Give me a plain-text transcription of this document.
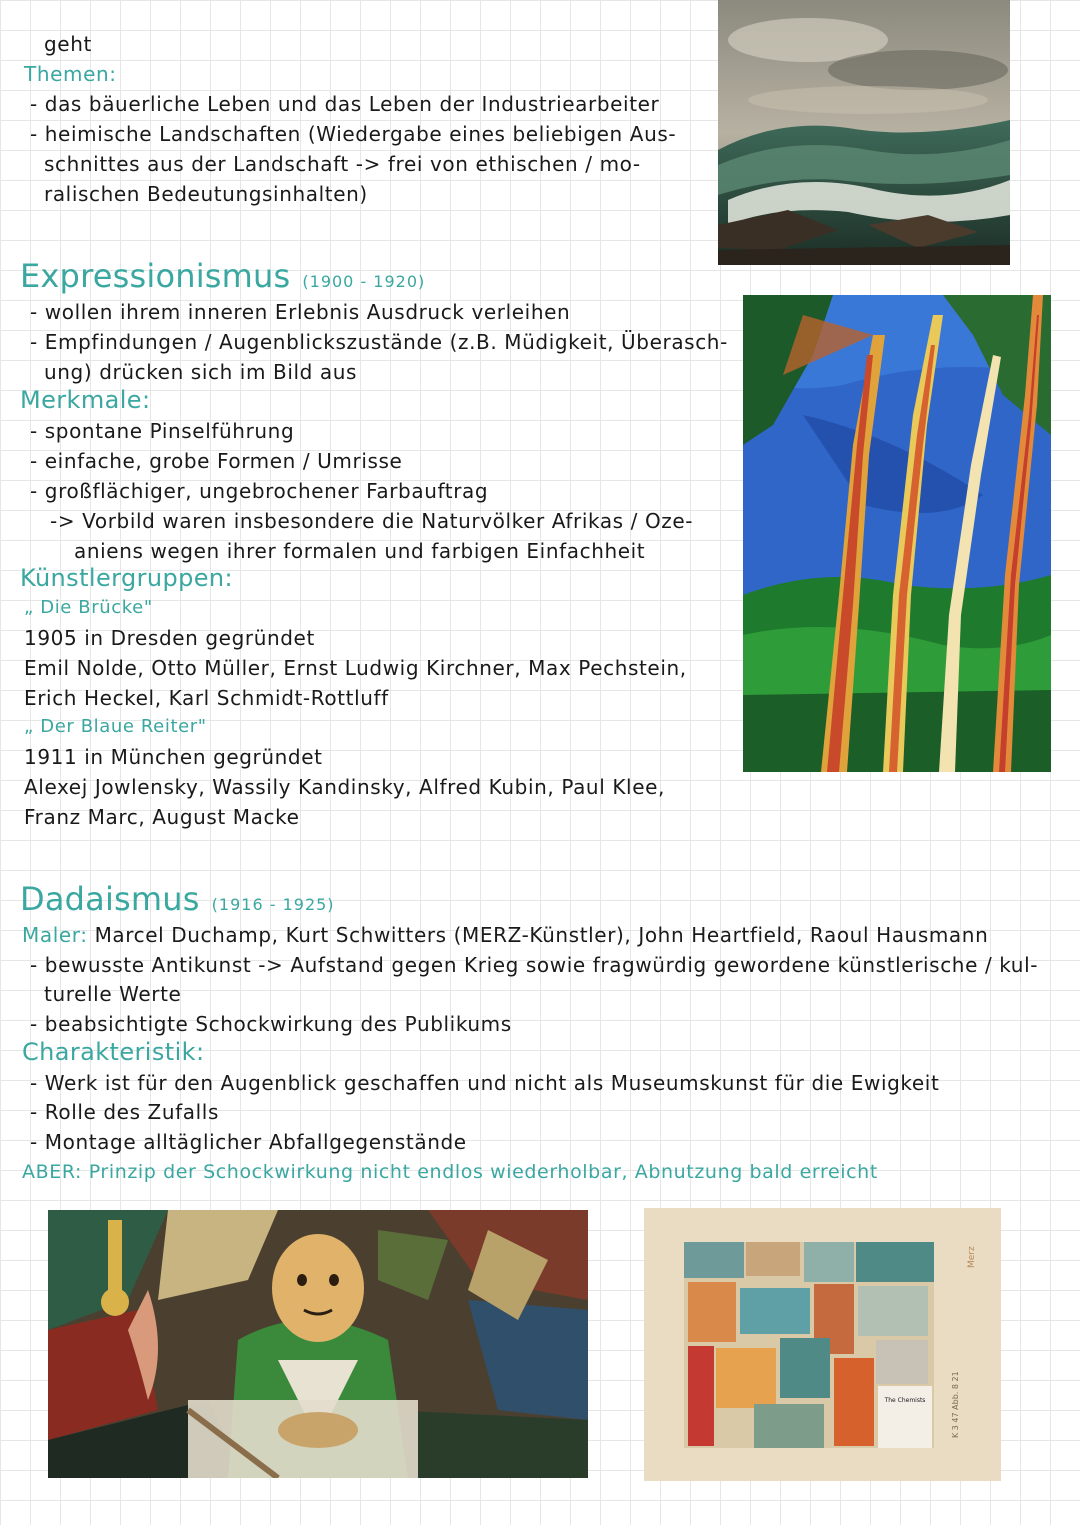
geht
Themen:
- das bäuerliche Leben und das Leben der Industriearbeiter
- heimische Landschaften (Wiedergabe eines beliebigen Aus-
schnittes aus der Landschaft -> frei von ethischen / mo-
ralischen Bedeutungsinhalten)
Expressionismus (1900 - 1920)
- wollen ihrem inneren Erlebnis Ausdruck verleihen
- Empfindungen / Augenblickszustände (z.B. Müdigkeit, Überasch-
ung) drücken sich im Bild aus
Merkmale:
- spontane Pinselführung
- einfache, grobe Formen / Umrisse
- großflächiger, ungebrochener Farbauftrag
-> Vorbild waren insbesondere die Naturvölker Afrikas / Oze-
aniens wegen ihrer formalen und farbigen Einfachheit
Künstlergruppen:
„ Die Brücke"
1905 in Dresden gegründet
Emil Nolde, Otto Müller, Ernst Ludwig Kirchner, Max Pechstein,
Erich Heckel, Karl Schmidt-Rottluff
„ Der Blaue Reiter"
1911 in München gegründet
Alexej Jowlensky, Wassily Kandinsky, Alfred Kubin, Paul Klee,
Franz Marc, August Macke
Dadaismus (1916 - 1925)
Maler: Marcel Duchamp, Kurt Schwitters (MERZ-Künstler), John Heartfield, Raoul Hausmann
- bewusste Antikunst -> Aufstand gegen Krieg sowie fragwürdig gewordene künstlerische / kul-
turelle Werte
- beabsichtigte Schockwirkung des Publikums
Charakteristik:
- Werk ist für den Augenblick geschaffen und nicht als Museumskunst für die Ewigkeit
- Rolle des Zufalls
- Montage alltäglicher Abfallgegenstände
ABER: Prinzip der Schockwirkung nicht endlos wiederholbar, Abnutzung bald erreicht
The Chemists	K 3 47 Abb. 8 21
Merz
